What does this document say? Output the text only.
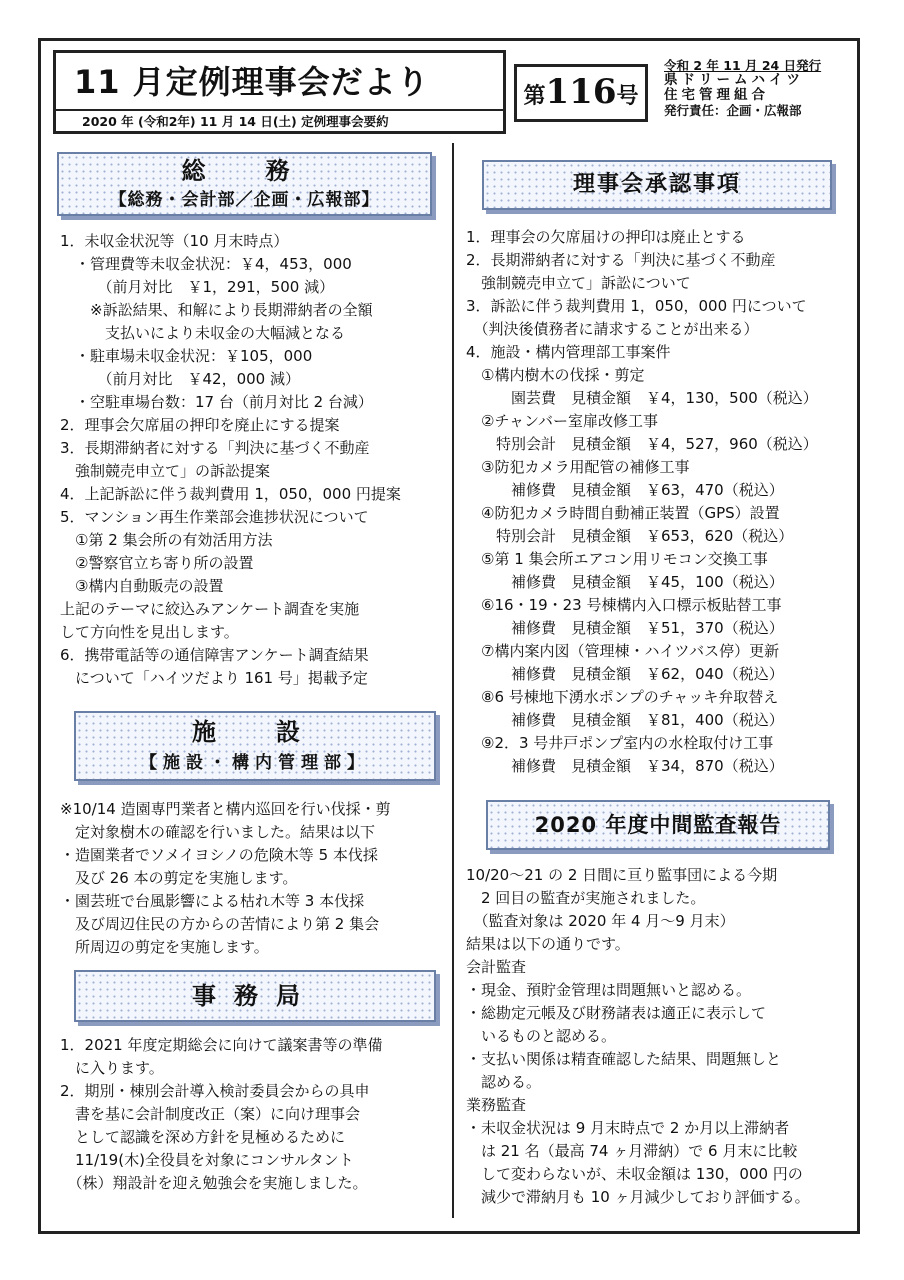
11 月定例理事会だより
2020 年 (令和2年) 11 月 14 日(土) 定例理事会要約
第116号
令和 2 年 11 月 24 日発行
県ドリームハイツ
住宅管理組合
発行責任：企画・広報部
総　務
【総務・会計部／企画・広報部】
1．未収金状況等（10 月末時点）
　・管理費等未収金状況：￥4，453，000
　　　（前月対比　￥1，291，500 減）
　　※訴訟結果、和解により長期滞納者の全額
　　　支払いにより未収金の大幅減となる
　・駐車場未収金状況：￥105，000
　　　（前月対比　￥42，000 減）
　・空駐車場台数：17 台（前月対比 2 台減）
2．理事会欠席届の押印を廃止にする提案
3．長期滞納者に対する「判決に基づく不動産
　強制競売申立て」の訴訟提案
4．上記訴訟に伴う裁判費用 1，050，000 円提案
5．マンション再生作業部会進捗状況について
　①第 2 集会所の有効活用方法
　②警察官立ち寄り所の設置
　③構内自動販売の設置
上記のテーマに絞込みアンケート調査を実施
して方向性を見出します。
6．携帯電話等の通信障害アンケート調査結果
　について「ハイツだより 161 号」掲載予定
施　設
【施設・構内管理部】
※10/14 造園専門業者と構内巡回を行い伐採・剪
　定対象樹木の確認を行いました。結果は以下
・造園業者でソメイヨシノの危険木等 5 本伐採
　及び 26 本の剪定を実施します。
・園芸班で台風影響による枯れ木等 3 本伐採
　及び周辺住民の方からの苦情により第 2 集会
　所周辺の剪定を実施します。
事務局
1．2021 年度定期総会に向けて議案書等の準備
　に入ります。
2．期別・棟別会計導入検討委員会からの具申
　書を基に会計制度改正（案）に向け理事会
　として認識を深め方針を見極めるために
　11/19(木)全役員を対象にコンサルタント
　（株）翔設計を迎え勉強会を実施しました。
理事会承認事項
1．理事会の欠席届けの押印は廃止とする
2．長期滞納者に対する「判決に基づく不動産
　強制競売申立て」訴訟について
3．訴訟に伴う裁判費用 1，050，000 円について
　（判決後債務者に請求することが出来る）
4．施設・構内管理部工事案件
　①構内樹木の伐採・剪定
　　　園芸費　見積金額　￥4，130，500（税込）
　②チャンバー室扉改修工事
　　特別会計　見積金額　￥4，527，960（税込）
　③防犯カメラ用配管の補修工事
　　　補修費　見積金額　￥63，470（税込）
　④防犯カメラ時間自動補正装置（GPS）設置
　　特別会計　見積金額　￥653，620（税込）
　⑤第 1 集会所エアコン用リモコン交換工事
　　　補修費　見積金額　￥45，100（税込）
　⑥16・19・23 号棟構内入口標示板貼替工事
　　　補修費　見積金額　￥51，370（税込）
　⑦構内案内図（管理棟・ハイツバス停）更新
　　　補修費　見積金額　￥62，040（税込）
　⑧6 号棟地下湧水ポンプのチャッキ弁取替え
　　　補修費　見積金額　￥81，400（税込）
　⑨2．3 号井戸ポンプ室内の水栓取付け工事
　　　補修費　見積金額　￥34，870（税込）
2020 年度中間監査報告
10/20～21 の 2 日間に亘り監事団による今期
　2 回目の監査が実施されました。
　（監査対象は 2020 年 4 月～9 月末）
結果は以下の通りです。
会計監査
・現金、預貯金管理は問題無いと認める。
・総勘定元帳及び財務諸表は適正に表示して
　いるものと認める。
・支払い関係は精査確認した結果、問題無しと
　認める。
業務監査
・未収金状況は 9 月末時点で 2 か月以上滞納者
　は 21 名（最高 74 ヶ月滞納）で 6 月末に比較
　して変わらないが、未収金額は 130，000 円の
　減少で滞納月も 10 ヶ月減少しており評価する。
